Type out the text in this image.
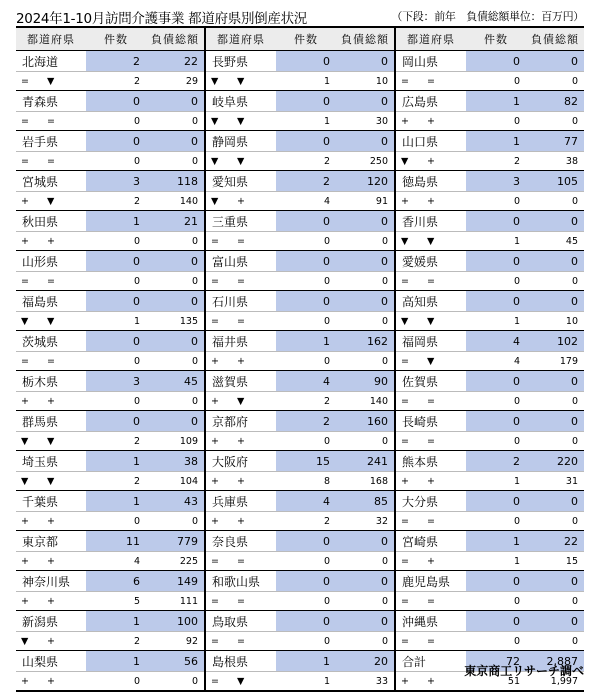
2024年1-10月訪問介護事業 都道府県別倒産状況	（下段：前年　負債総額単位：百万円）
都道府県	件数	負債総額	都道府県	件数	負債総額	都道府県	件数	負債総額
北海道	2	22	長野県	0	0	岡山県	0	0
= ▼	2	29	▼ ▼	1	10	= =	0	0
青森県	0	0	岐阜県	0	0	広島県	1	82
= =	0	0	▼ ▼	1	30	+ +	0	0
岩手県	0	0	静岡県	0	0	山口県	1	77
= =	0	0	▼ ▼	2	250	▼ +	2	38
宮城県	3	118	愛知県	2	120	徳島県	3	105
+ ▼	2	140	▼ +	4	91	+ +	0	0
秋田県	1	21	三重県	0	0	香川県	0	0
+ +	0	0	= =	0	0	▼ ▼	1	45
山形県	0	0	富山県	0	0	愛媛県	0	0
= =	0	0	= =	0	0	= =	0	0
福島県	0	0	石川県	0	0	高知県	0	0
▼ ▼	1	135	= =	0	0	▼ ▼	1	10
茨城県	0	0	福井県	1	162	福岡県	4	102
= =	0	0	+ +	0	0	= ▼	4	179
栃木県	3	45	滋賀県	4	90	佐賀県	0	0
+ +	0	0	+ ▼	2	140	= =	0	0
群馬県	0	0	京都府	2	160	長崎県	0	0
▼ ▼	2	109	+ +	0	0	= =	0	0
埼玉県	1	38	大阪府	15	241	熊本県	2	220
▼ ▼	2	104	+ +	8	168	+ +	1	31
千葉県	1	43	兵庫県	4	85	大分県	0	0
+ +	0	0	+ +	2	32	= =	0	0
東京都	11	779	奈良県	0	0	宮崎県	1	22
+ +	4	225	= =	0	0	= +	1	15
神奈川県	6	149	和歌山県	0	0	鹿児島県	0	0
+ +	5	111	= =	0	0	= =	0	0
新潟県	1	100	鳥取県	0	0	沖縄県	0	0
▼ +	2	92	= =	0	0	= =	0	0
山梨県	1	56	島根県	1	20	合計	72	2,887
+ +	0	0	= ▼	1	33	+ +	51	1,997
東京商工リサーチ調べ
